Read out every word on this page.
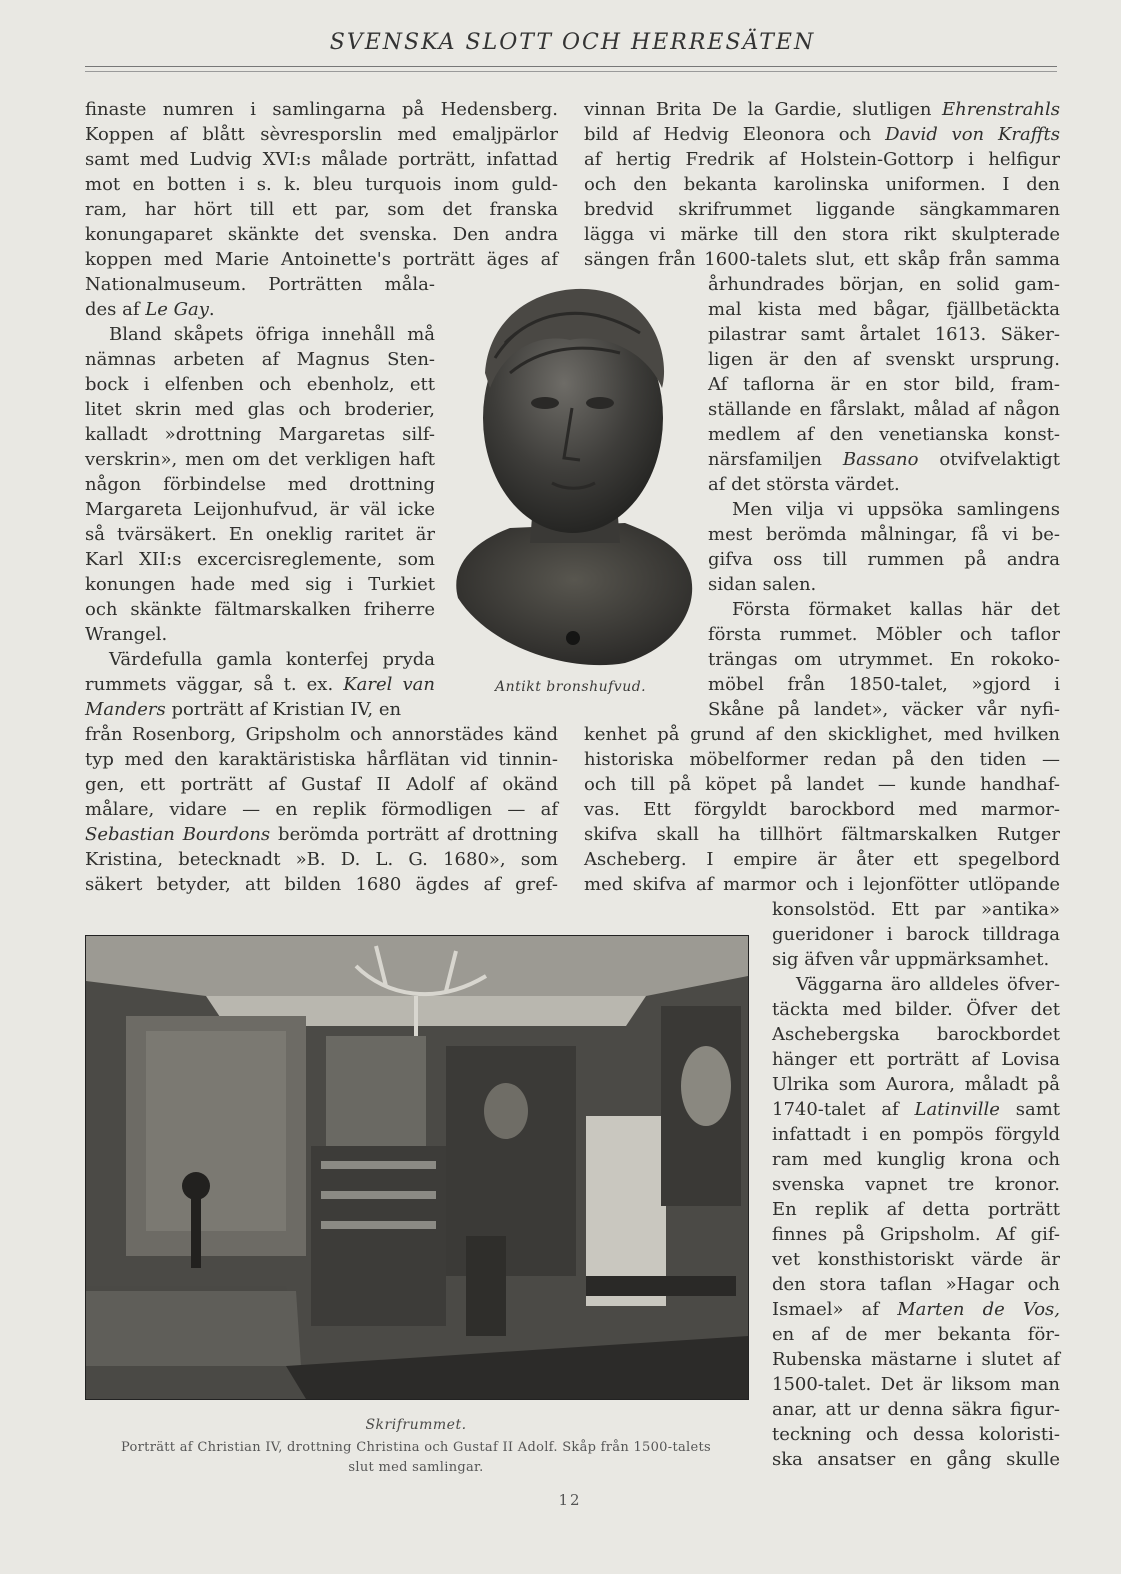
SVENSKA SLOTT OCH HERRESÄTEN
finaste numren i samlingarna på Hedensberg.
Koppen af blått sèvresporslin med emaljpärlor
samt med Ludvig XVI:s målade porträtt, infattad
mot en botten i s. k. bleu turquois inom guld-
ram, har hört till ett par, som det franska
konungaparet skänkte det svenska. Den andra
koppen med Marie Antoinette's porträtt äges af
Nationalmuseum. Porträtten måla-
des af Le Gay.
Bland skåpets öfriga innehåll må
nämnas arbeten af Magnus Sten-
bock i elfenben och ebenholz, ett
litet skrin med glas och broderier,
kalladt »drottning Margaretas silf-
verskrin», men om det verkligen haft
någon förbindelse med drottning
Margareta Leijonhufvud, är väl icke
så tvärsäkert. En oneklig raritet är
Karl XII:s excercisreglemente, som
konungen hade med sig i Turkiet
och skänkte fältmarskalken friherre
Wrangel.
Värdefulla gamla konterfej pryda
rummets väggar, så t. ex. Karel van
Manders porträtt af Kristian IV, en
från Rosenborg, Gripsholm och annorstädes känd
typ med den karaktäristiska hårflätan vid tinnin-
gen, ett porträtt af Gustaf II Adolf af okänd
målare, vidare — en replik förmodligen — af
Sebastian Bourdons berömda porträtt af drottning
Kristina, betecknadt »B. D. L. G. 1680», som
säkert betyder, att bilden 1680 ägdes af gref-
vinnan Brita De la Gardie, slutligen Ehrenstrahls
bild af Hedvig Eleonora och David von Kraffts
af hertig Fredrik af Holstein-Gottorp i helfigur
och den bekanta karolinska uniformen. I den
bredvid skrifrummet liggande sängkammaren
lägga vi märke till den stora rikt skulpterade
sängen från 1600-talets slut, ett skåp från samma
århundrades början, en solid gam-
mal kista med bågar, fjällbetäckta
pilastrar samt årtalet 1613. Säker-
ligen är den af svenskt ursprung.
Af taflorna är en stor bild, fram-
ställande en fårslakt, målad af någon
medlem af den venetianska konst-
närsfamiljen Bassano otvifvelaktigt
af det största värdet.
Men vilja vi uppsöka samlingens
mest berömda målningar, få vi be-
gifva oss till rummen på andra
sidan salen.
Första förmaket kallas här det
första rummet. Möbler och taflor
trängas om utrymmet. En rokoko-
möbel från 1850-talet, »gjord i
Skåne på landet», väcker vår nyfi-
kenhet på grund af den skicklighet, med hvilken
historiska möbelformer redan på den tiden —
och till på köpet på landet — kunde handhaf-
vas. Ett förgyldt barockbord med marmor-
skifva skall ha tillhört fältmarskalken Rutger
Ascheberg. I empire är åter ett spegelbord
med skifva af marmor och i lejonfötter utlöpande
konsolstöd. Ett par »antika»
gueridoner i barock tilldraga
sig äfven vår uppmärksamhet.
Väggarna äro alldeles öfver-
täckta med bilder. Öfver det
Aschebergska barockbordet
hänger ett porträtt af Lovisa
Ulrika som Aurora, måladt på
1740-talet af Latinville samt
infattadt i en pompös förgyld
ram med kunglig krona och
svenska vapnet tre kronor.
En replik af detta porträtt
finnes på Gripsholm. Af gif-
vet konsthistoriskt värde är
den stora taflan »Hagar och
Ismael» af Marten de Vos,
en af de mer bekanta för-
Rubenska mästarne i slutet af
1500-talet. Det är liksom man
anar, att ur denna säkra figur-
teckning och dessa koloristi-
ska ansatser en gång skulle
Antikt bronshufvud.
Skrifrummet.
Porträtt af Christian IV, drottning Christina och Gustaf II Adolf. Skåp från 1500-talets
slut med samlingar.
12
